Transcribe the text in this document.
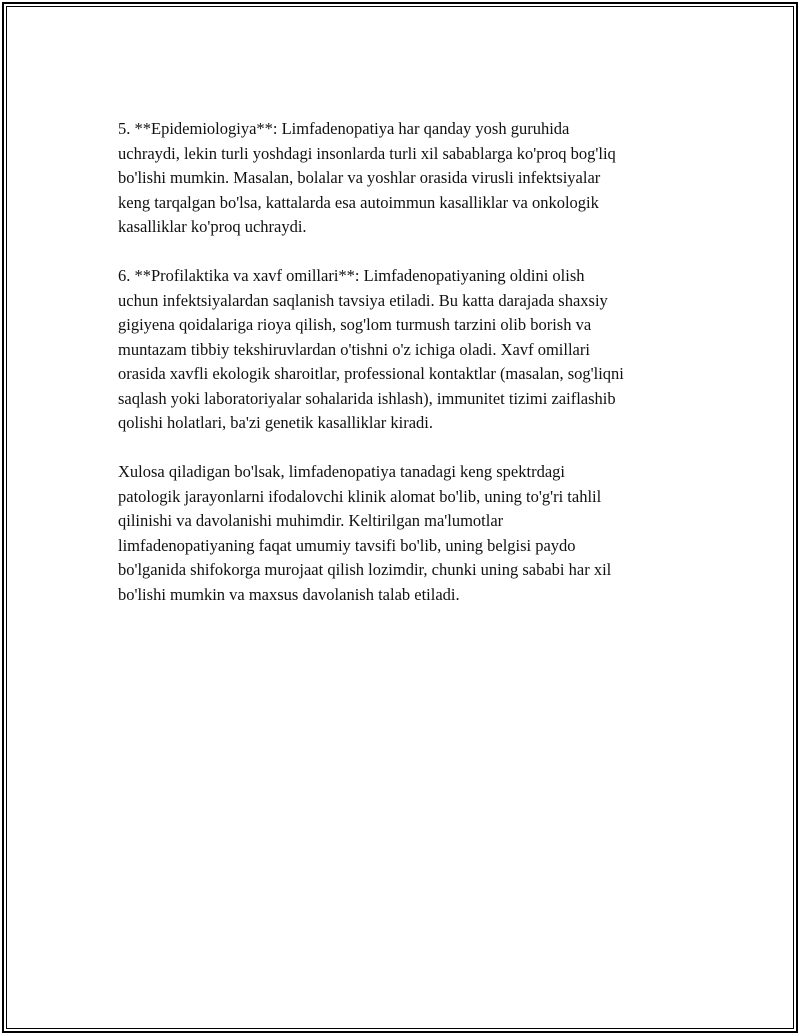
5. **Epidemiologiya**: Limfadenopatiya har qanday yosh guruhida
uchraydi, lekin turli yoshdagi insonlarda turli xil sabablarga ko'proq bog'liq
bo'lishi mumkin. Masalan, bolalar va yoshlar orasida virusli infektsiyalar
keng tarqalgan bo'lsa, kattalarda esa autoimmun kasalliklar va onkologik
kasalliklar ko'proq uchraydi.

6. **Profilaktika va xavf omillari**: Limfadenopatiyaning oldini olish
uchun infektsiyalardan saqlanish tavsiya etiladi. Bu katta darajada shaxsiy
gigiyena qoidalariga rioya qilish, sog'lom turmush tarzini olib borish va
muntazam tibbiy tekshiruvlardan o'tishni o'z ichiga oladi. Xavf omillari
orasida xavfli ekologik sharoitlar, professional kontaktlar (masalan, sog'liqni
saqlash yoki laboratoriyalar sohalarida ishlash), immunitet tizimi zaiflashib
qolishi holatlari, ba'zi genetik kasalliklar kiradi.

Xulosa qiladigan bo'lsak, limfadenopatiya tanadagi keng spektrdagi
patologik jarayonlarni ifodalovchi klinik alomat bo'lib, uning to'g'ri tahlil
qilinishi va davolanishi muhimdir. Keltirilgan ma'lumotlar
limfadenopatiyaning faqat umumiy tavsifi bo'lib, uning belgisi paydo
bo'lganida shifokorga murojaat qilish lozimdir, chunki uning sababi har xil
bo'lishi mumkin va maxsus davolanish talab etiladi.
